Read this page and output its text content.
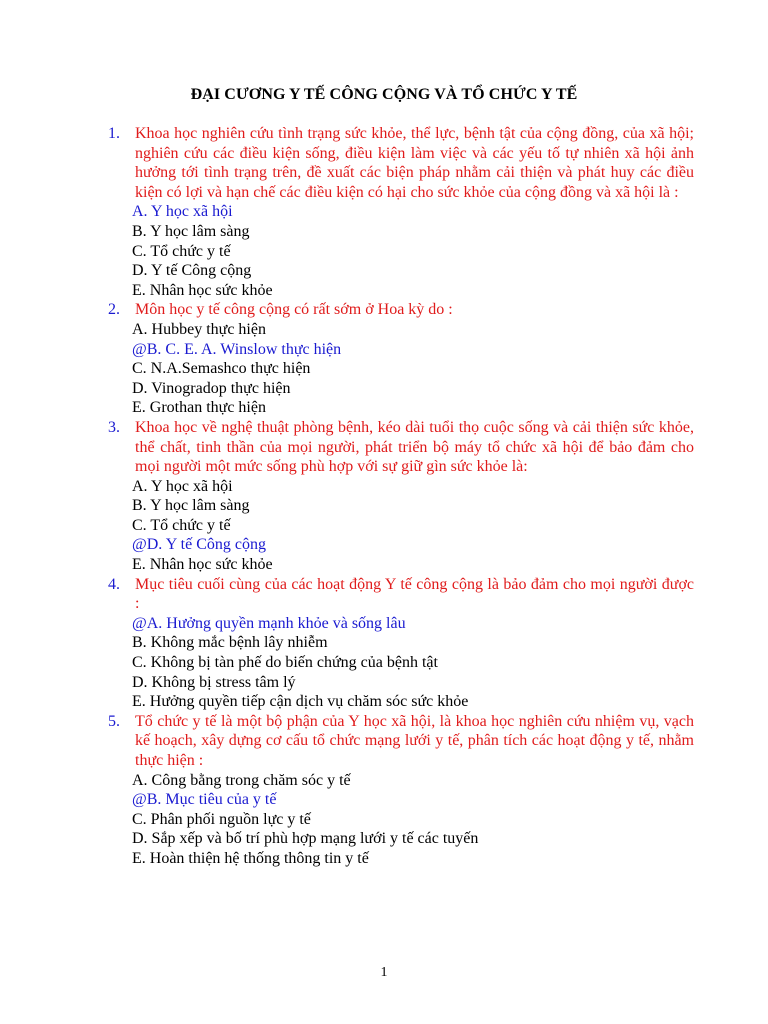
ĐẠI CƯƠNG Y TẾ CÔNG CỘNG VÀ TỔ CHỨC Y TẾ
1. Khoa học nghiên cứu tình trạng sức khỏe, thể lực, bệnh tật của cộng đồng, của xã hội; nghiên cứu các điều kiện sống, điều kiện làm việc và các yếu tố tự nhiên xã hội ảnh hưởng tới tình trạng trên, đề xuất các biện pháp nhằm cải thiện và phát huy các điều kiện có lợi và hạn chế các điều kiện có hại cho sức khỏe của cộng đồng và xã hội là :
A. Y học xã hội
B. Y học lâm sàng
C. Tổ chức y tế
D. Y tế Công cộng
E. Nhân học sức khỏe
2. Môn học y tế công cộng có rất sớm ở Hoa kỳ do :
A. Hubbey thực hiện
@B. C. E. A. Winslow thực hiện
C. N.A.Semashco thực hiện
D. Vinogradop thực hiện
E. Grothan thực hiện
3. Khoa học về nghệ thuật phòng bệnh, kéo dài tuổi thọ cuộc sống và cải thiện sức khỏe, thể chất, tinh thần của mọi người, phát triển bộ máy tổ chức xã hội để bảo đảm cho mọi người một mức sống phù hợp với sự giữ gìn sức khỏe là:
A. Y học xã hội
B. Y học lâm sàng
C. Tổ chức y tế
@D. Y tế Công cộng
E. Nhân học sức khỏe
4. Mục tiêu cuối cùng của các hoạt động Y tế công cộng là bảo đảm cho mọi người được :
@A. Hưởng quyền mạnh khỏe và sống lâu
B. Không mắc bệnh lây nhiễm
C. Không bị tàn phế do biến chứng của bệnh tật
D. Không bị stress tâm lý
E. Hưởng quyền tiếp cận dịch vụ chăm sóc sức khỏe
5. Tổ chức y tế là một bộ phận của Y học xã hội, là khoa học nghiên cứu nhiệm vụ, vạch kế hoạch, xây dựng cơ cấu tổ chức mạng lưới y tế, phân tích các hoạt động y tế, nhằm thực hiện :
A. Công bằng trong chăm sóc y tế
@B. Mục tiêu của y tế
C. Phân phối nguồn lực y tế
D. Sắp xếp và bố trí phù hợp mạng lưới y tế các tuyến
E. Hoàn thiện hệ thống thông tin y tế
1
